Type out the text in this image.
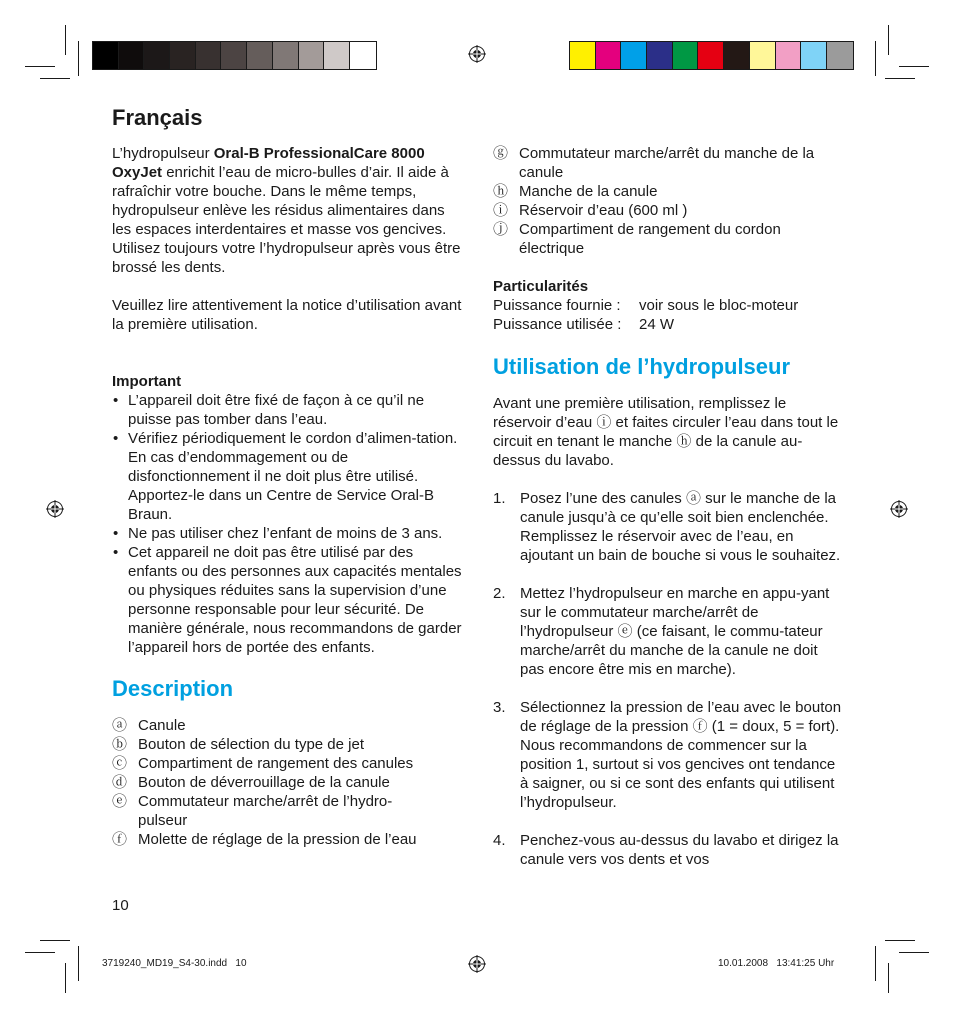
Français

L’hydropulseur Oral-B ProfessionalCare 8000 OxyJet enrichit l’eau de micro-bulles d’air. Il aide à rafraîchir votre bouche. Dans le même temps, hydropulseur enlève les résidus alimentaires dans les espaces interdentaires et masse vos gencives. Utilisez toujours votre l’hydropulseur après vous être brossé les dents.

Veuillez lire attentivement la notice d’utilisation avant la première utilisation.

Important

• L’appareil doit être fixé de façon à ce qu’il ne puisse pas tomber dans l’eau.
• Vérifiez périodiquement le cordon d’alimen-tation. En cas d’endommagement ou de disfonctionnement il ne doit plus être utilisé. Apportez-le dans un Centre de Service Oral-B Braun.
• Ne pas utiliser chez l’enfant de moins de 3 ans.
• Cet appareil ne doit pas être utilisé par des enfants ou des personnes aux capacités mentales ou physiques réduites sans la supervision d’une personne responsable pour leur sécurité. De manière générale, nous recommandons de garder l’appareil hors de portée des enfants.
Description
ⓐ Canule
ⓑ Bouton de sélection du type de jet
ⓒ Compartiment de rangement des canules
ⓓ Bouton de déverrouillage de la canule
ⓔ Commutateur marche/arrêt de l’hydro-pulseur
ⓕ Molette de réglage de la pression de l’eau
10
ⓖ Commutateur marche/arrêt du manche de la canule
ⓗ Manche de la canule
ⓘ Réservoir d’eau (600 ml )
ⓙ Compartiment de rangement du cordon électrique

Particularités

Puissance fournie :	voir sous le bloc-moteur
Puissance utilisée :	24 W
Utilisation de l’hydropulseur

Avant une première utilisation, remplissez le réservoir d’eau ⓘ et faites circuler l’eau dans tout le circuit en tenant le manche ⓗ de la canule au-dessus du lavabo.

1. Posez l’une des canules ⓐ sur le manche de la canule jusqu’à ce qu’elle soit bien enclenchée. Remplissez le réservoir avec de l’eau, en ajoutant un bain de bouche si vous le souhaitez.
2. Mettez l’hydropulseur en marche en appu-yant sur le commutateur marche/arrêt de l’hydropulseur ⓔ (ce faisant, le commu-tateur marche/arrêt du manche de la canule ne doit pas encore être mis en marche).
3. Sélectionnez la pression de l’eau avec le bouton de réglage de la pression ⓕ (1 = doux, 5 = fort). Nous recommandons de commencer sur la position 1, surtout si vos gencives ont tendance à saigner, ou si ce sont des enfants qui utilisent l’hydropulseur.
4. Penchez-vous au-dessus du lavabo et dirigez la canule vers vos dents et vos
3719240_MD19_S4-30.indd   10	10.01.2008   13:41:25 Uhr
